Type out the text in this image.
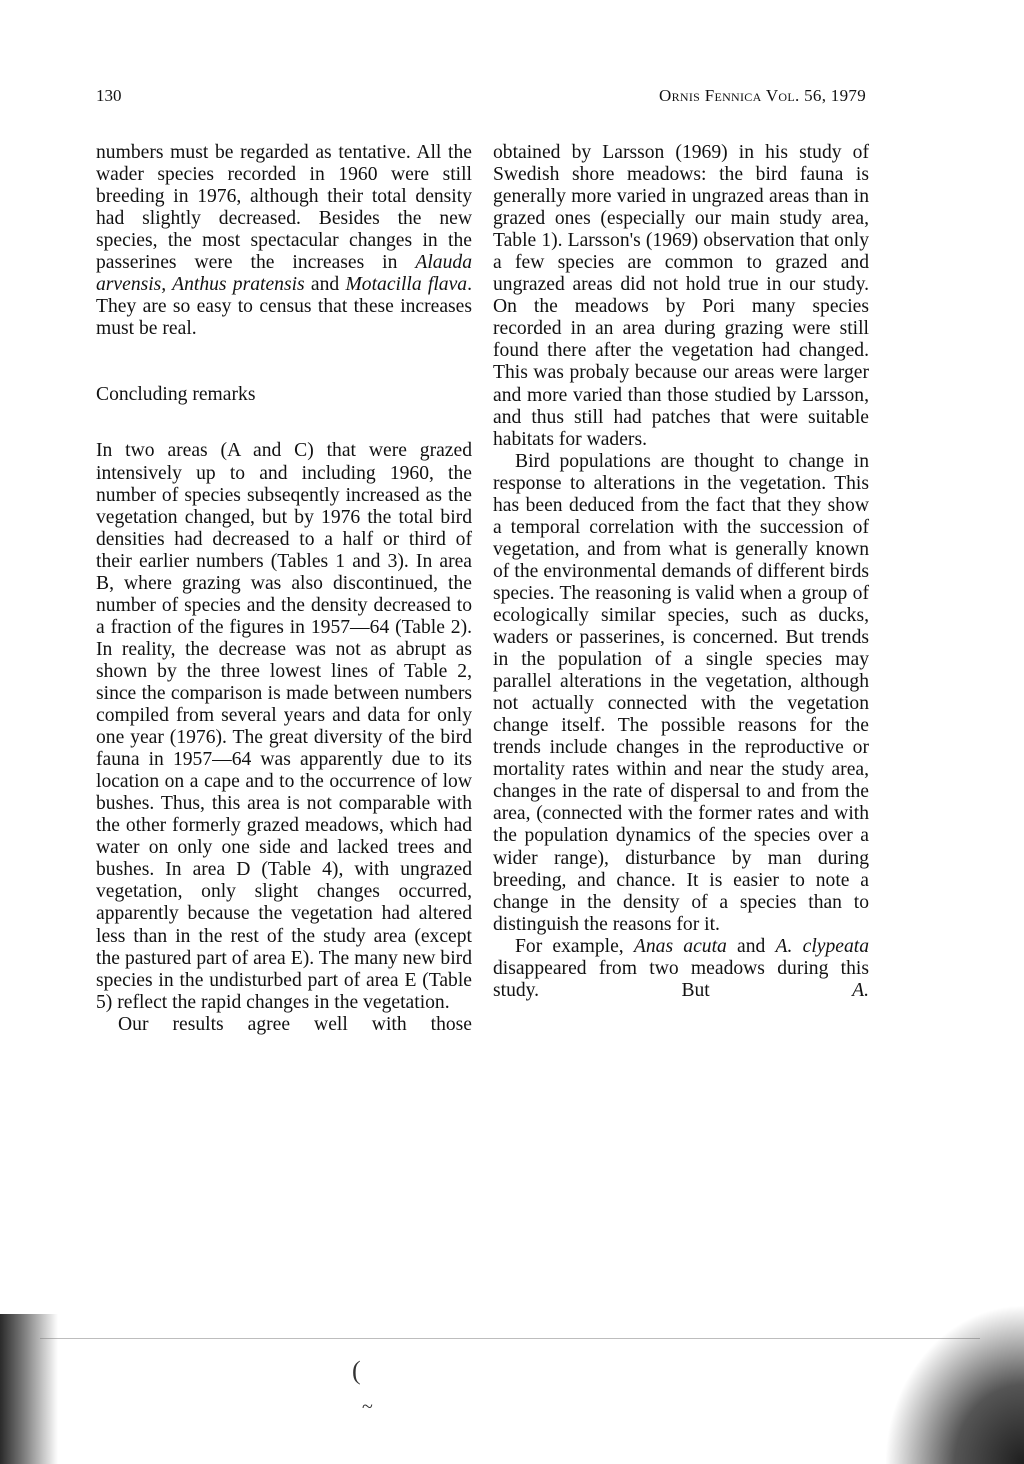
130	Ornis Fennica Vol. 56, 1979

numbers must be regarded as tentative. All the wader species recorded in 1960 were still breeding in 1976, although their total density had slightly decreased. Besides the new species, the most spectacular changes in the passerines were the increases in Alauda arvensis, Anthus pratensis and Motacilla flava. They are so easy to census that these increases must be real.

Concluding remarks

In two areas (A and C) that were grazed intensively up to and including 1960, the number of species subseqently increased as the vegetation changed, but by 1976 the total bird densities had decreased to a half or third of their earlier numbers (Tables 1 and 3). In area B, where grazing was also discontinued, the number of species and the density decreased to a fraction of the figures in 1957—64 (Table 2). In reality, the decrease was not as abrupt as shown by the three lowest lines of Table 2, since the comparison is made between numbers compiled from several years and data for only one year (1976). The great diversity of the bird fauna in 1957—64 was apparently due to its location on a cape and to the occurrence of low bushes. Thus, this area is not comparable with the other formerly grazed meadows, which had water on only one side and lacked trees and bushes. In area D (Table 4), with ungrazed vegetation, only slight changes occurred, apparently because the vegetation had altered less than in the rest of the study area (except the pastured part of area E). The many new bird species in the undisturbed part of area E (Table 5) reflect the rapid changes in the vegetation.

Our results agree well with those

obtained by Larsson (1969) in his study of Swedish shore meadows: the bird fauna is generally more varied in ungrazed areas than in grazed ones (especially our main study area, Table 1). Larsson's (1969) observation that only a few species are common to grazed and ungrazed areas did not hold true in our study. On the meadows by Pori many species recorded in an area during grazing were still found there after the vegetation had changed. This was probaly because our areas were larger and more varied than those studied by Larsson, and thus still had patches that were suitable habitats for waders.

Bird populations are thought to change in response to alterations in the vegetation. This has been deduced from the fact that they show a temporal correlation with the succession of vegetation, and from what is generally known of the environmental demands of different birds species. The reasoning is valid when a group of ecologically similar species, such as ducks, waders or passerines, is concerned. But trends in the population of a single species may parallel alterations in the vegetation, although not actually connected with the vegetation change itself. The possible reasons for the trends include changes in the reproductive or mortality rates within and near the study area, changes in the rate of dispersal to and from the area, (connected with the former rates and with the population dynamics of the species over a wider range), disturbance by man during breeding, and chance. It is easier to note a change in the density of a species than to distinguish the reasons for it.

For example, Anas acuta and A. clypeata disappeared from two meadows during this study. But A.

(
~
